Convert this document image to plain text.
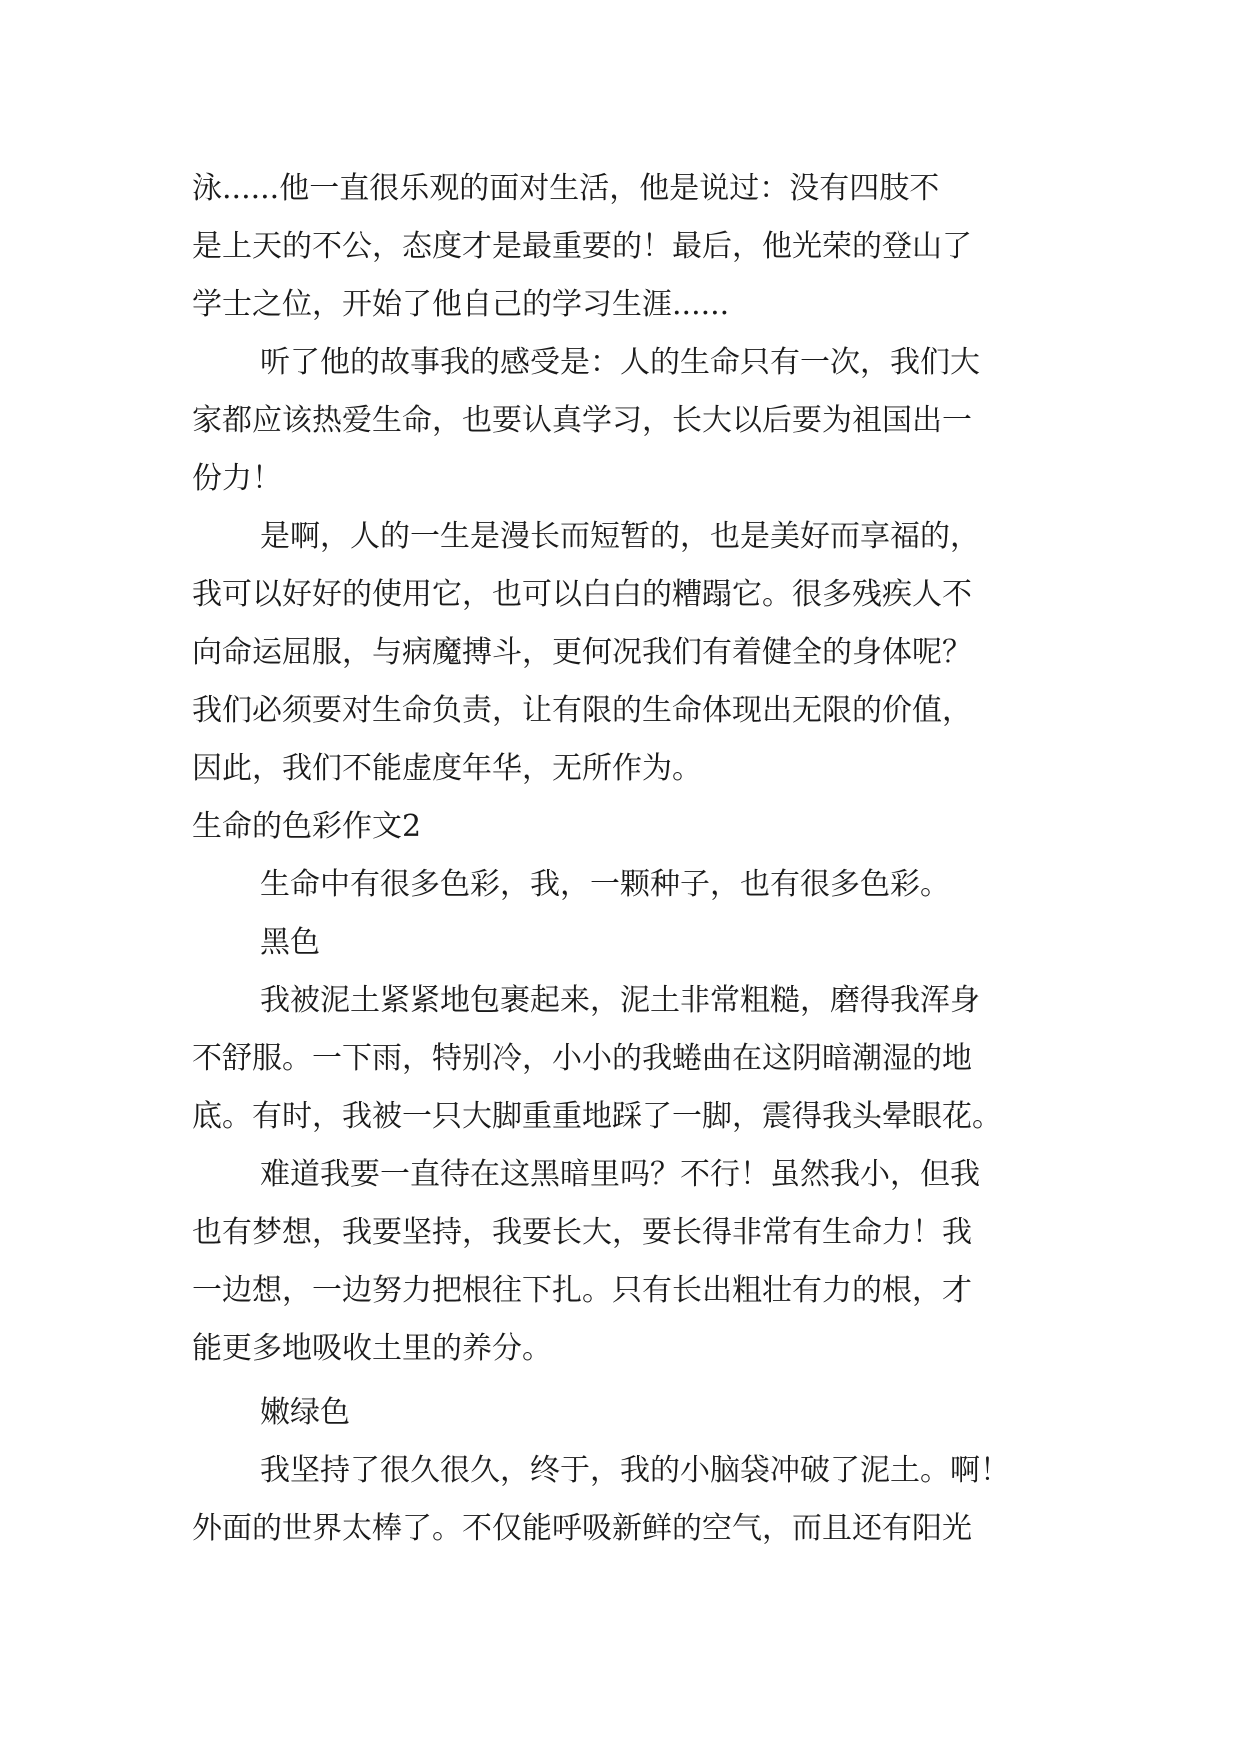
泳......他一直很乐观的面对生活，他是说过：没有四肢不
是上天的不公，态度才是最重要的！最后，他光荣的登山了
学士之位，开始了他自己的学习生涯......
听了他的故事我的感受是：人的生命只有一次，我们大
家都应该热爱生命，也要认真学习，长大以后要为祖国出一
份力！
是啊，人的一生是漫长而短暂的，也是美好而享福的，
我可以好好的使用它，也可以白白的糟蹋它。很多残疾人不
向命运屈服，与病魔搏斗，更何况我们有着健全的身体呢？
我们必须要对生命负责，让有限的生命体现出无限的价值，
因此，我们不能虚度年华，无所作为。
生命的色彩作文2
生命中有很多色彩，我，一颗种子，也有很多色彩。
黑色
我被泥土紧紧地包裹起来，泥土非常粗糙，磨得我浑身
不舒服。一下雨，特别冷，小小的我蜷曲在这阴暗潮湿的地
底。有时，我被一只大脚重重地踩了一脚，震得我头晕眼花。
难道我要一直待在这黑暗里吗？不行！虽然我小，但我
也有梦想，我要坚持，我要长大，要长得非常有生命力！我
一边想，一边努力把根往下扎。只有长出粗壮有力的根，才
能更多地吸收土里的养分。
嫩绿色
我坚持了很久很久，终于，我的小脑袋冲破了泥土。啊！
外面的世界太棒了。不仅能呼吸新鲜的空气，而且还有阳光
